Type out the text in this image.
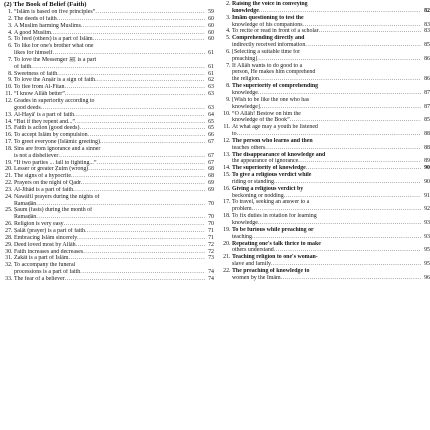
(2) The Book of Belief (Faith)
1. “Islām is based on five principles” .....	59
2. The deeds of faith .....	60
3. A Muslim harming Muslims .....	60
4. A good Muslim .....	60
5. To feed (others) is a part of Islām .....	60
6. To like for one's brother what one
likes for himself .....	61
7. To love the Messenger ﷺ is a part
of faith .....	61
8. Sweetness of faith .....	61
9. To love the Anṣār is a sign of faith .....	62
10. To flee from Al-Fitan .....	63
11. “I know Allāh better” .....	63
12. Grades in superiority according to
good deeds .....	63
13. Al-Hayā' is a part of faith .....	64
14. “But if they repent and...” .....	65
15. Faith is action (good deeds) .....	65
16. To accept Islām by compulsion .....	66
17. To greet everyone (Islāmic greeting) .....	67
18. Sins are from ignorance and a sinner
is not a disbeliever .....	67
19. “If two parties ... fall to fighting...” .....	67
20. Lesser or greater Ẓulm (wrong) .....	68
21. The signs of a hypocrite .....	68
22. Prayers on the night of Qadr .....	69
23. Al-Jihād is a part of faith .....	69
24. Nawāfil prayers during the nights of
Ramaḍān .....	70
25. Ṣaum (fasts) during the month of
Ramaḍān .....	70
26. Religion is very easy .....	70
27. Ṣalāt (prayer) is a part of faith .....	71
28. Embracing Islām sincerely .....	71
29. Deed loved most by Allāh .....	72
30. Faith increases and decreases .....	72
31. Zakāt is a part of Islām .....	73
32. To accompany the funeral
processions is a part of faith .....	74
33. The fear of a believer .....	74
2. Raising the voice in conveying
knowledge .....	82
3. Imām questioning to test the
knowledge of his companions .....	83
4. To recite or read in front of a scholar .....	83
5. Comprehending directly and
indirectly received information .....	85
6. [Selecting a suitable time for
preaching] .....	86
7. If Allāh wants to do good to a
person, He makes him comprehend
the religion .....	86
8. The superiority of comprehending
knowledge .....	87
9. [Wish to be like the one who has
knowledge] .....	87
10. “O Allāh! Bestow on him the
knowledge of the Book” .....	85
11. At what age may a youth be listened
to .....	88
12. The person who learns and then
teaches others .....	88
13. The disappearance of knowledge and
the appearance of ignorance .....	89
14. The superiority of knowledge .....	90
15. To give a religious verdict while
riding or standing .....	90
16. Giving a religious verdict by
beckoning or nodding .....	91
17. To travel, seeking an answer to a
problem .....	92
18. To fix duties in rotation for learning
knowledge .....	93
19. To be furious while preaching or
teaching .....	93
20. Repeating one's talk thrice to make
others understand .....	95
21. Teaching religion to one's woman-
slave and family .....	95
22. The preaching of knowledge to
women by the Imām .....	96
